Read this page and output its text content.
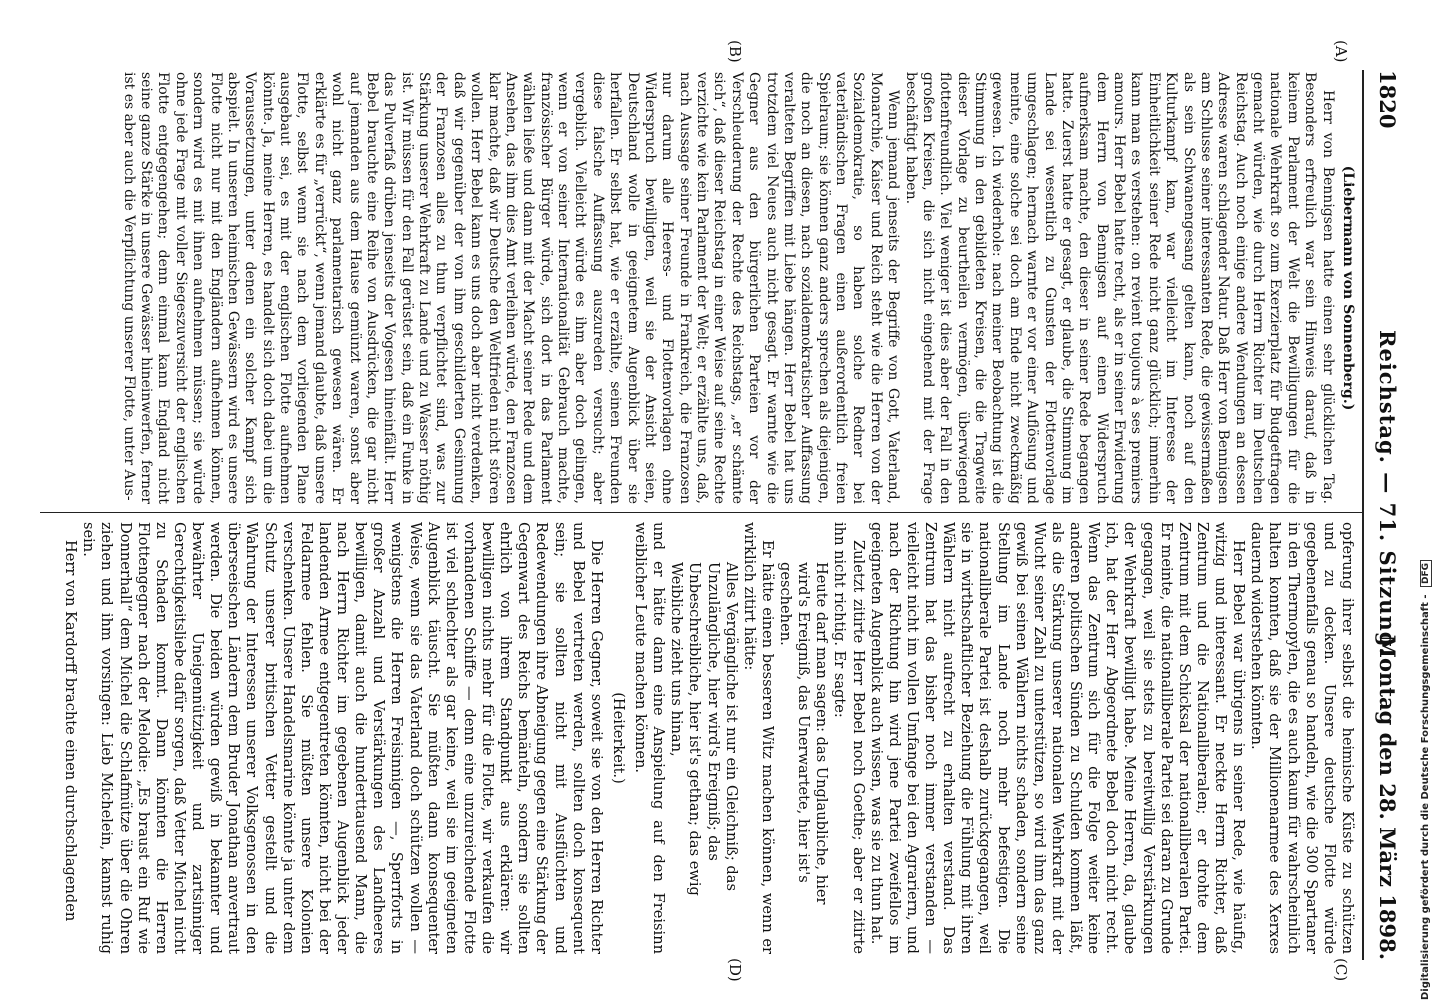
1820
Reichstag. — 71. Sitzung.
Montag den 28. März 1898.
(A)
(B)
(C)
(D)

(Liebermann von Sonnenberg.)

Herr von Bennigsen hatte einen sehr glücklichen Tag. Besonders erfreulich war sein Hinweis darauf, daß in keinem Parlament der Welt die Bewilligungen für die nationale Wehrkraft so zum Exerzierplatz für Budgetfragen gemacht würden, wie durch Herrn Richter im Deutschen Reichstag. Auch noch einige andere Wendungen an dessen Adresse waren schlagender Natur. Daß Herr von Bennigsen am Schlusse seiner interessanten Rede, die gewissermaßen als sein Schwanengesang gelten kann, noch auf den Kulturkampf kam, war vielleicht im Interesse der Einheitlichkeit seiner Rede nicht ganz glücklich; immerhin kann man es verstehen: on revient toujours à ses premiers amours. Herr Bebel hatte recht, als er in seiner Erwiderung dem Herrn von Bennigsen auf einen Widerspruch aufmerksam machte, den dieser in seiner Rede begangen hatte. Zuerst hatte er gesagt, er glaube, die Stimmung im Lande sei wesentlich zu Gunsten der Flottenvorlage umgeschlagen; hernach warnte er vor einer Auflösung und meinte, eine solche sei doch am Ende nicht zweckmäßig gewesen. Ich wiederhole: nach meiner Beobachtung ist die Stimmung in den gebildeten Kreisen, die die Tragweite dieser Vorlage zu beurtheilen vermögen, überwiegend flottenfreundlich. Viel weniger ist dies aber der Fall in den großen Kreisen, die sich nicht eingehend mit der Frage beschäftigt haben.

Wenn jemand jenseits der Begriffe von Gott, Vaterland, Monarchie, Kaiser und Reich steht wie die Herren von der Sozialdemokratie, so haben solche Redner bei vaterländischen Fragen einen außerordentlich freien Spielraum; sie können ganz anders sprechen als diejenigen, die noch an diesen, nach sozialdemokratischer Auffassung veralteten Begriffen mit Liebe hängen. Herr Bebel hat uns trotzdem viel Neues auch nicht gesagt. Er warnte wie die Gegner aus den bürgerlichen Parteien vor der Verschleuderung der Rechte des Reichstags, „er schämte sich“, daß dieser Reichstag in einer Weise auf seine Rechte verzichte wie kein Parlament der Welt; er erzählte uns, daß, nach Aussage seiner Freunde in Frankreich, die Franzosen nur darum alle Heeres- und Flottenvorlagen ohne Widerspruch bewilligten, weil sie der Ansicht seien, Deutschland wolle in geeignetem Augenblick über sie herfallen. Er selbst hat, wie er erzählte, seinen Freunden diese falsche Auffassung auszureden versucht; aber vergeblich. Vielleicht würde es ihm aber doch gelingen, wenn er von seiner Internationalität Gebrauch machte, französischer Bürger würde, sich dort in das Parlament wählen ließe und dann mit der Macht seiner Rede und dem Ansehen, das ihm dies Amt verleihen würde, den Franzosen klar machte, daß wir Deutsche den Weltfrieden nicht stören wollen. Herr Bebel kann es uns doch aber nicht verdenken, daß wir gegenüber der von ihm geschilderten Gesinnung der Franzosen alles zu thun verpflichtet sind, was zur Stärkung unserer Wehrkraft zu Lande und zu Wasser nöthig ist. Wir müssen für den Fall gerüstet sein, daß ein Funke in das Pulverfaß drüben jenseits der Vogesen hineinfällt. Herr Bebel brauchte eine Reihe von Ausdrücken, die gar nicht auf jemanden aus dem Hause gemünzt waren, sonst aber wohl nicht ganz parlamentarisch gewesen wären. Er erklärte es für „verrückt“, wenn jemand glaubte, daß unsere Flotte, selbst wenn sie nach dem vorliegenden Plane ausgebaut sei, es mit der englischen Flotte aufnehmen könnte. Ja, meine Herren, es handelt sich doch dabei um die Voraussetzungen, unter denen ein solcher Kampf sich abspielt. In unseren heimischen Gewässern wird es unsere Flotte nicht nur mit den Engländern aufnehmen können, sondern wird es mit ihnen aufnehmen müssen; sie würde ohne jede Frage mit voller Siegeszuversicht der englischen Flotte entgegengehen; denn einmal kann England nicht seine ganze Stärke in unsere Gewässer hineinwerfen, ferner ist es aber auch die Verpflichtung unserer Flotte, unter Aus-

opferung ihrer selbst die heimische Küste zu schützen und zu decken. Unsere deutsche Flotte würde gegebenenfalls genau so handeln, wie die 300 Spartaner in den Thermopylen, die es auch kaum für wahrscheinlich halten konnten, daß sie der Millionenarmee des Xerxes dauernd widerstehen könnten.

Herr Bebel war übrigens in seiner Rede, wie häufig, witzig und interessant. Er neckte Herrn Richter, daß Zentrum und die Nationalliberalen; er drohte dem Zentrum mit dem Schicksal der nationalliberalen Partei. Er meinte, die nationalliberale Partei sei daran zu Grunde gegangen, weil sie stets zu bereitwillig Verstärkungen der Wehrkraft bewilligt habe. Meine Herren, da, glaube ich, hat der Herr Abgeordnete Bebel doch nicht recht. Wenn das Zentrum sich für die Folge weiter keine anderen politischen Sünden zu Schulden kommen läßt, als die Stärkung unserer nationalen Wehrkraft mit der Wucht seiner Zahl zu unterstützen, so wird ihm das ganz gewiß bei seinen Wählern nichts schaden, sondern seine Stellung im Lande noch mehr befestigen. Die nationalliberale Partei ist deshalb zurückgegangen, weil sie in wirthschaftlicher Beziehung die Fühlung mit ihren Wählern nicht aufrecht zu erhalten verstand. Das Zentrum hat das bisher noch immer verstanden — vielleicht nicht im vollen Umfange bei den Agrariern, und nach der Richtung hin wird jene Partei zweifellos im geeigneten Augenblick auch wissen, was sie zu thun hat.

Zuletzt zitirte Herr Bebel noch Goethe; aber er zitirte ihn nicht richtig. Er sagte:

Heute darf man sagen: das Unglaubliche, hier wird's Ereigniß, das Unerwartete, hier ist's geschehen.

Er hätte einen besseren Witz machen können, wenn er wirklich zitirt hätte:

Alles Vergängliche ist nur ein Gleichniß; das Unzulängliche, hier wird's Ereigniß; das Unbeschreibliche, hier ist's gethan; das ewig Weibliche zieht uns hinan,

und er hätte dann eine Anspielung auf den Freisinn weiblicher Leute machen können.

(Heiterkeit.)

Die Herren Gegner, soweit sie von den Herren Richter und Bebel vertreten werden, sollten doch konsequent sein; sie sollten nicht mit Ausflüchten und Redewendungen ihre Abneigung gegen eine Stärkung der Gegenwart des Reichs bemänteln, sondern sie sollten ehrlich von ihrem Standpunkt aus erklären: wir bewilligen nichts mehr für die Flotte, wir verkaufen die vorhandenen Schiffe — denn eine unzureichende Flotte ist viel schlechter als gar keine, weil sie im geeigneten Augenblick täuscht. Sie müßten dann konsequenter Weise, wenn sie das Vaterland doch schützen wollen — wenigstens die Herren Freisinnigen —, Sperrforts in großer Anzahl und Verstärkungen des Landheeres bewilligen, damit auch die hunderttausend Mann, die nach Herrn Richter im gegebenen Augenblick jeder landenden Armee entgegentreten könnten, nicht bei der Feldarmee fehlen. Sie müßten unsere Kolonien verschenken. Unsere Handelsmarine könnte ja unter dem Schutz unserer britischen Vetter gestellt und die Wahrung der Interessen unserer Volksgenossen in den überseeischen Ländern dem Bruder Jonathan anvertraut werden. Die beiden würden gewiß in bekannter und bewährter Uneigennützigkeit und zartsinniger Gerechtigkeitsliebe dafür sorgen, daß Vetter Michel nicht zu Schaden kommt. Dann könnten die Herren Flottengegner nach der Melodie: „Es braust ein Ruf wie Donnerhall“ dem Michel die Schlafmütze über die Ohren ziehen und ihm vorsingen: Lieb Michelein, kannst ruhig sein.

Herr von Kardorff brachte einen durchschlagenden	Digitalisierung gefördert durch die Deutsche Forschungsgemeinschaft - DFG
